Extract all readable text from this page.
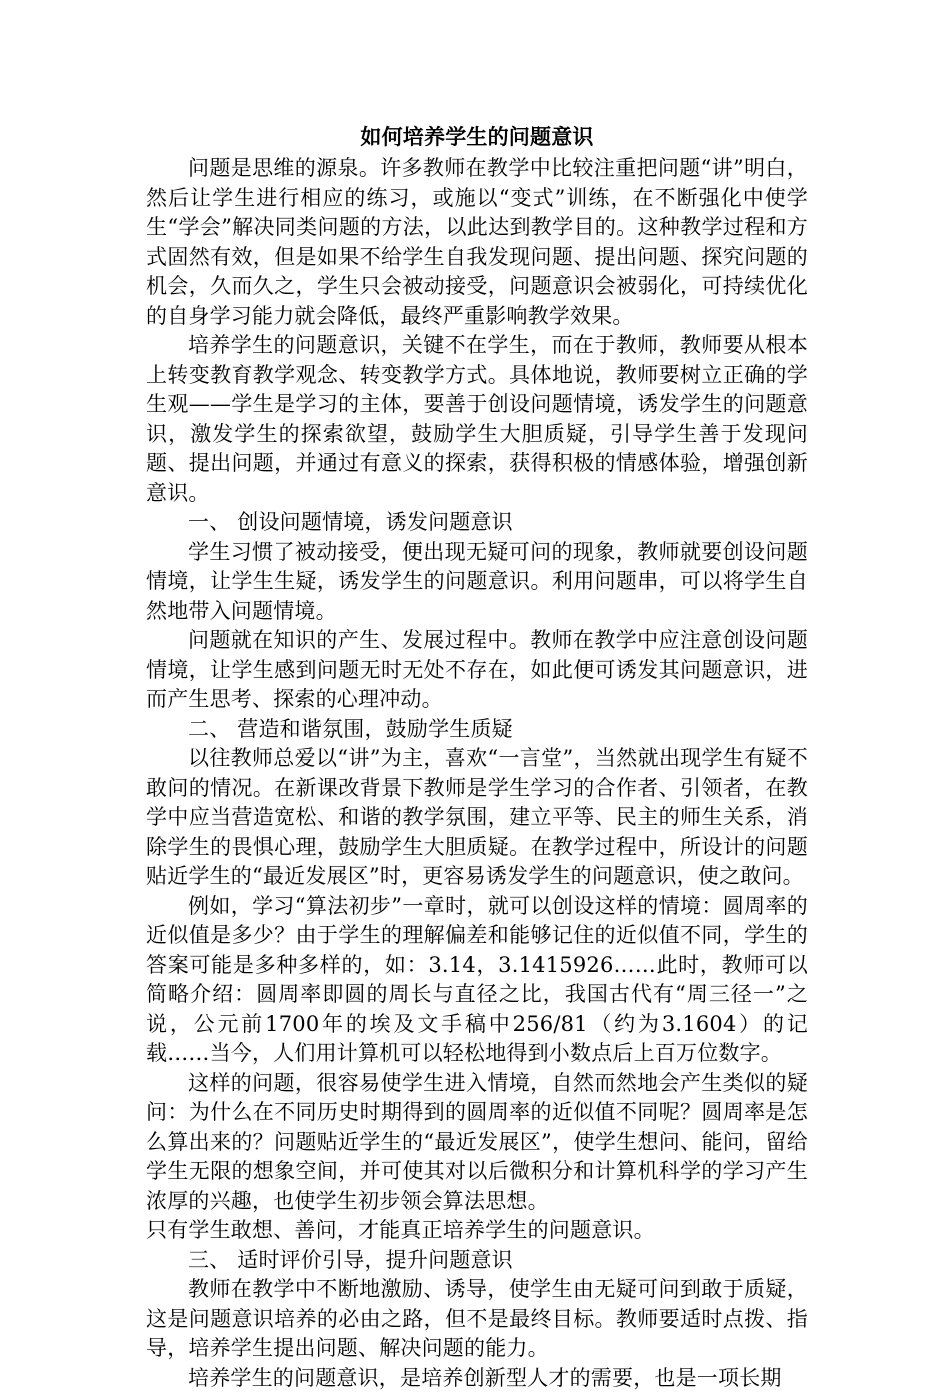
如何培养学生的问题意识

问题是思维的源泉。许多教师在教学中比较注重把问题“讲”明白，然后让学生进行相应的练习，或施以“变式”训练，在不断强化中使学生“学会”解决同类问题的方法，以此达到教学目的。这种教学过程和方式固然有效，但是如果不给学生自我发现问题、提出问题、探究问题的机会，久而久之，学生只会被动接受，问题意识会被弱化，可持续优化的自身学习能力就会降低，最终严重影响教学效果。

培养学生的问题意识，关键不在学生，而在于教师，教师要从根本上转变教育教学观念、转变教学方式。具体地说，教师要树立正确的学生观——学生是学习的主体，要善于创设问题情境，诱发学生的问题意识，激发学生的探索欲望，鼓励学生大胆质疑，引导学生善于发现问题、提出问题，并通过有意义的探索，获得积极的情感体验，增强创新意识。

一、 创设问题情境，诱发问题意识

学生习惯了被动接受，便出现无疑可问的现象，教师就要创设问题情境，让学生生疑，诱发学生的问题意识。利用问题串，可以将学生自然地带入问题情境。

问题就在知识的产生、发展过程中。教师在教学中应注意创设问题情境，让学生感到问题无时无处不存在，如此便可诱发其问题意识，进而产生思考、探索的心理冲动。

二、 营造和谐氛围，鼓励学生质疑

以往教师总爱以“讲”为主，喜欢“一言堂”，当然就出现学生有疑不敢问的情况。在新课改背景下教师是学生学习的合作者、引领者，在教学中应当营造宽松、和谐的教学氛围，建立平等、民主的师生关系，消除学生的畏惧心理，鼓励学生大胆质疑。在教学过程中，所设计的问题贴近学生的“最近发展区”时，更容易诱发学生的问题意识，使之敢问。

例如，学习“算法初步”一章时，就可以创设这样的情境：圆周率的近似值是多少？由于学生的理解偏差和能够记住的近似值不同，学生的答案可能是多种多样的，如：3.14，3.1415926……此时，教师可以简略介绍：圆周率即圆的周长与直径之比，我国古代有“周三径一”之说，公元前1700年的埃及文手稿中256/81（约为3.1604）的记载……当今，人们用计算机可以轻松地得到小数点后上百万位数字。

这样的问题，很容易使学生进入情境，自然而然地会产生类似的疑问：为什么在不同历史时期得到的圆周率的近似值不同呢？圆周率是怎么算出来的？问题贴近学生的“最近发展区”，使学生想问、能问，留给学生无限的想象空间，并可使其对以后微积分和计算机科学的学习产生浓厚的兴趣，也使学生初步领会算法思想。

只有学生敢想、善问，才能真正培养学生的问题意识。

三、 适时评价引导，提升问题意识

教师在教学中不断地激励、诱导，使学生由无疑可问到敢于质疑，这是问题意识培养的必由之路，但不是最终目标。教师要适时点拨、指导，培养学生提出问题、解决问题的能力。

培养学生的问题意识，是培养创新型人才的需要，也是一项长期
